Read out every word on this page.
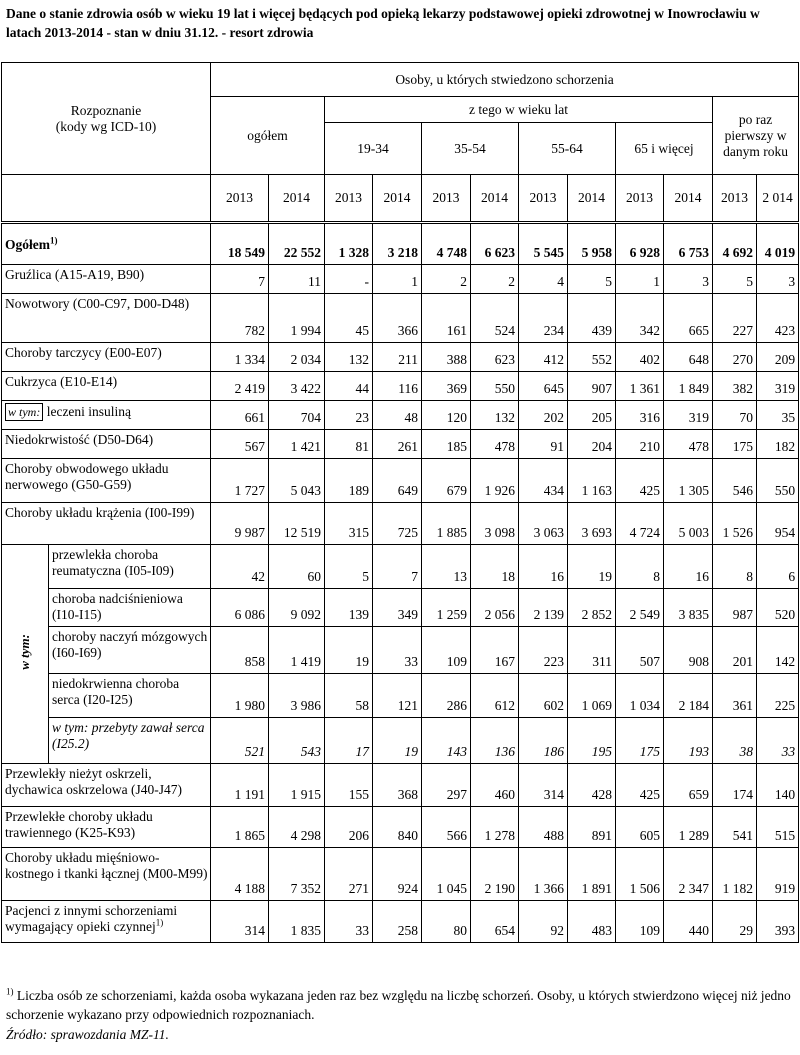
Dane o stanie zdrowia osób w wieku 19 lat i więcej będących pod opieką lekarzy podstawowej opieki zdrowotnej w Inowrocławiu w latach 2013-2014 - stan w dniu 31.12. - resort zdrowia
Rozpoznanie
(kody wg ICD-10)		Osoby, u których stwiedzono schorzenia											
		ogółem		z tego w wieku lat								po raz pierwszy w danym roku	
				19-34		35-54		55-64		65 i więcej			
		2013	2014	2013	2014	2013	2014	2013	2014	2013	2014	2013	2 014
Ogółem$^{1)}$		18 549	22 552	1 328	3 218	4 748	6 623	5 545	5 958	6 928	6 753	4 692	4 019
Gruźlica (A15-A19, B90)		7	11	-	1	2	2	4	5	1	3	5	3
Nowotwory (C00-C97, D00-D48)		782	1 994	45	366	161	524	234	439	342	665	227	423
Choroby tarczycy (E00-E07)		1 334	2 034	132	211	388	623	412	552	402	648	270	209
Cukrzyca (E10-E14)		2 419	3 422	44	116	369	550	645	907	1 361	1 849	382	319
w tym: leczeni insuliną		661	704	23	48	120	132	202	205	316	319	70	35
Niedokrwistość (D50-D64)		567	1 421	81	261	185	478	91	204	210	478	175	182
Choroby obwodowego układu nerwowego (G50-G59)		1 727	5 043	189	649	679	1 926	434	1 163	425	1 305	546	550
Choroby układu krążenia (I00-I99)		9 987	12 519	315	725	1 885	3 098	3 063	3 693	4 724	5 003	1 526	954
w tym:	przewlekła choroba reumatyczna (I05-I09)	42	60	5	7	13	18	16	19	8	16	8	6
	choroba nadciśnieniowa (I10-I15)	6 086	9 092	139	349	1 259	2 056	2 139	2 852	2 549	3 835	987	520
	choroby naczyń mózgowych (I60-I69)	858	1 419	19	33	109	167	223	311	507	908	201	142
	niedokrwienna choroba serca (I20-I25)	1 980	3 986	58	121	286	612	602	1 069	1 034	2 184	361	225
	w tym: przebyty zawał serca (I25.2)	521	543	17	19	143	136	186	195	175	193	38	33
Przewlekły nieżyt oskrzeli, dychawica oskrzelowa (J40-J47)		1 191	1 915	155	368	297	460	314	428	425	659	174	140
Przewlekłe choroby układu trawiennego (K25-K93)		1 865	4 298	206	840	566	1 278	488	891	605	1 289	541	515
Choroby układu mięśniowo-kostnego i tkanki łącznej (M00-M99)		4 188	7 352	271	924	1 045	2 190	1 366	1 891	1 506	2 347	1 182	919
Pacjenci z innymi schorzeniami wymagający opieki czynnej$^{1)}$		314	1 835	33	258	80	654	92	483	109	440	29	393
$^{1)}$ Liczba osób ze schorzeniami, każda osoba wykazana jeden raz bez względu na liczbę schorzeń. Osoby, u których stwierdzono więcej niż jedno schorzenie wykazano przy odpowiednich rozpoznaniach.
Źródło: sprawozdania MZ-11.
